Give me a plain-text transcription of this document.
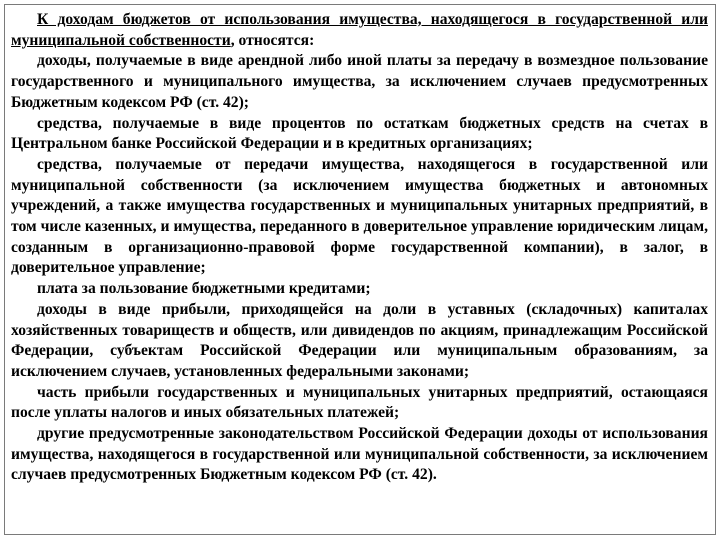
К доходам бюджетов от использования имущества, находящегося в государственной или муниципальной собственности, относятся:

доходы, получаемые в виде арендной либо иной платы за передачу в возмездное пользование государственного и муниципального имущества, за исключением случаев предусмотренных Бюджетным кодексом РФ (ст. 42);

средства, получаемые в виде процентов по остаткам бюджетных средств на счетах в Центральном банке Российской Федерации и в кредитных организациях;

средства, получаемые от передачи имущества, находящегося в государственной или муниципальной собственности (за исключением имущества бюджетных и автономных учреждений, а также имущества государственных и муниципальных унитарных предприятий, в том числе казенных, и имущества, переданного в доверительное управление юридическим лицам, созданным в организационно-правовой форме государственной компании), в залог, в доверительное управление;

плата за пользование бюджетными кредитами;

доходы в виде прибыли, приходящейся на доли в уставных (складочных) капиталах хозяйственных товариществ и обществ, или дивидендов по акциям, принадлежащим Российской Федерации, субъектам Российской Федерации или муниципальным образованиям, за исключением случаев, установленных федеральными законами;

часть прибыли государственных и муниципальных унитарных предприятий, остающаяся после уплаты налогов и иных обязательных платежей;

другие предусмотренные законодательством Российской Федерации доходы от использования имущества, находящегося в государственной или муниципальной собственности, за исключением случаев предусмотренных Бюджетным кодексом РФ (ст. 42).
